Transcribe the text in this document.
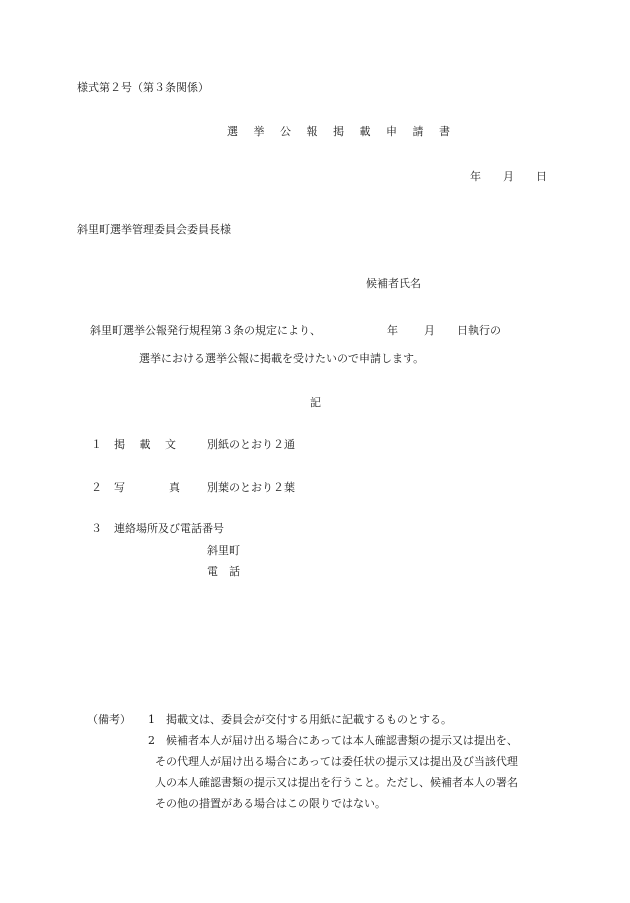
様式第２号（第３条関係）
選 挙 公 報 掲 載 申 請 書
年　　月　　日
斜里町選挙管理委員会委員長様
候補者氏名
斜里町選挙公報発行規程第３条の規定により、	年 月 日執行の
選挙における選挙公報に掲載を受けたいので申請します。
記
１ 掲　 載 　文	別紙のとおり２通
２ 写　　　　真 別葉のとおり２葉
３ 連絡場所及び電話番号
斜里町
電　話
（備考） 1 掲載文は、委員会が交付する用紙に記載するものとする。
2 候補者本人が届け出る場合にあっては本人確認書類の提示又は提出を、
その代理人が届け出る場合にあっては委任状の提示又は提出及び当該代理
人の本人確認書類の提示又は提出を行うこと。ただし、候補者本人の署名
その他の措置がある場合はこの限りではない。
